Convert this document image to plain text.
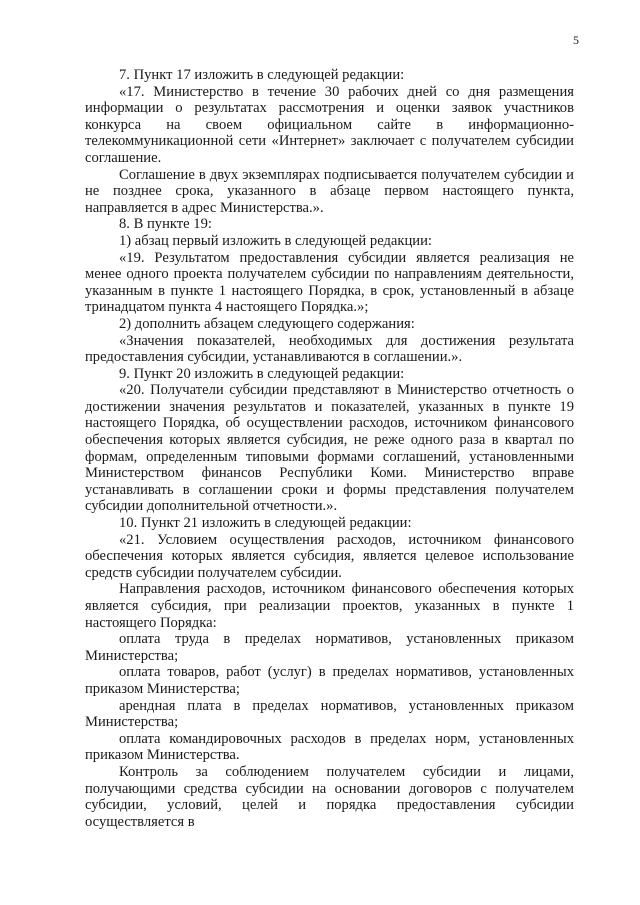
5

7. Пункт 17 изложить в следующей редакции:

«17. Министерство в течение 30 рабочих дней со дня размещения информации о результатах рассмотрения и оценки заявок участников конкурса на своем официальном сайте в информационно-телекоммуникационной сети «Интернет» заключает с получателем субсидии соглашение.

Соглашение в двух экземплярах подписывается получателем субсидии и не позднее срока, указанного в абзаце первом настоящего пункта, направляется в адрес Министерства.».

8. В пункте 19:

1) абзац первый изложить в следующей редакции:

«19. Результатом предоставления субсидии является реализация не менее одного проекта получателем субсидии по направлениям деятельности, указанным в пункте 1 настоящего Порядка, в срок, установленный в абзаце тринадцатом пункта 4 настоящего Порядка.»;

2) дополнить абзацем следующего содержания:

«Значения показателей, необходимых для достижения результата предоставления субсидии, устанавливаются в соглашении.».

9. Пункт 20 изложить в следующей редакции:

«20. Получатели субсидии представляют в Министерство отчетность о достижении значения результатов и показателей, указанных в пункте 19 настоящего Порядка, об осуществлении расходов, источником финансового обеспечения которых является субсидия, не реже одного раза в квартал по формам, определенным типовыми формами соглашений, установленными Министерством финансов Республики Коми. Министерство вправе устанавливать в соглашении сроки и формы представления получателем субсидии дополнительной отчетности.».

10. Пункт 21 изложить в следующей редакции:

«21. Условием осуществления расходов, источником финансового обеспечения которых является субсидия, является целевое использование средств субсидии получателем субсидии.

Направления расходов, источником финансового обеспечения которых является субсидия, при реализации проектов, указанных в пункте 1 настоящего Порядка:

оплата труда в пределах нормативов, установленных приказом Министерства;

оплата товаров, работ (услуг) в пределах нормативов, установленных приказом Министерства;

арендная плата в пределах нормативов, установленных приказом Министерства;

оплата командировочных расходов в пределах норм, установленных приказом Министерства.

Контроль за соблюдением получателем субсидии и лицами, получающими средства субсидии на основании договоров с получателем субсидии, условий, целей и порядка предоставления субсидии осуществляется в
